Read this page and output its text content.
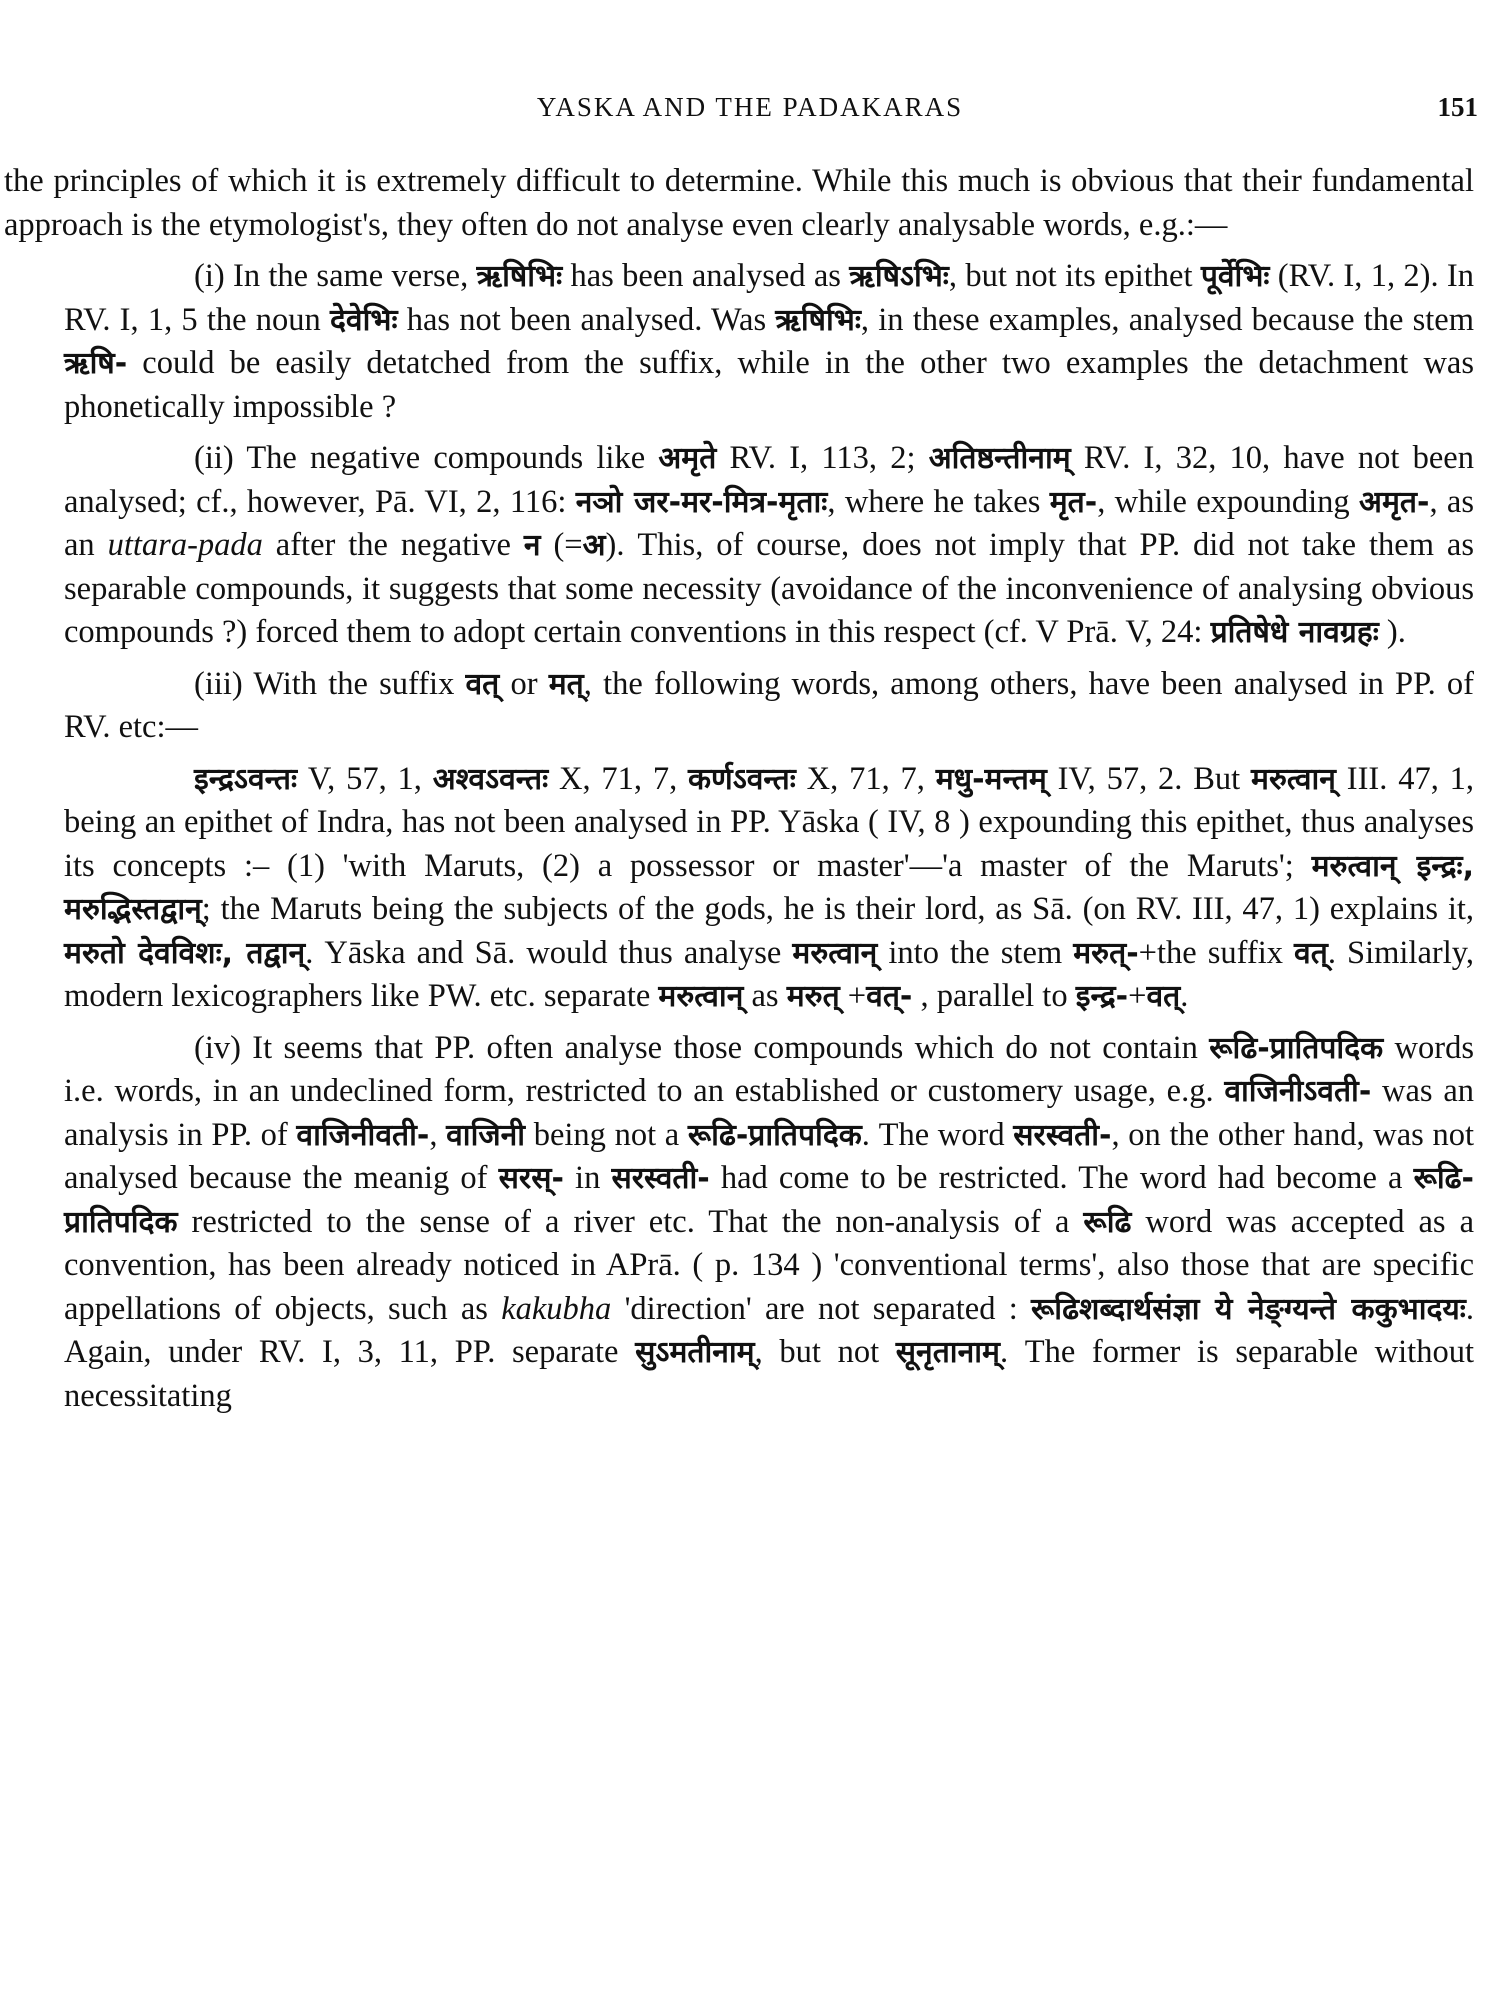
YASKA AND THE PADAKARAS	151

the principles of which it is extremely difficult to determine. While this much is obvious that their fundamental approach is the etymologist's, they often do not analyse even clearly analysable words, e.g.:—

(i) In the same verse, ऋषिभिः has been analysed as ऋषिऽभिः, but not its epithet पूर्वेभिः (RV. I, 1, 2). In RV. I, 1, 5 the noun देवेभिः has not been analysed. Was ऋषिभिः, in these examples, analysed because the stem ऋषि- could be easily detatched from the suffix, while in the other two examples the detachment was phonetically impossible ?

(ii) The negative compounds like अमृते RV. I, 113, 2; अतिष्ठन्तीनाम् RV. I, 32, 10, have not been analysed; cf., however, Pā. VI, 2, 116: नञो जर-मर-मित्र-मृताः, where he takes मृत-, while expounding अमृत-, as an uttara-pada after the negative न (=अ). This, of course, does not imply that PP. did not take them as separable compounds, it suggests that some necessity (avoidance of the inconvenience of analysing obvious compounds ?) forced them to adopt certain conventions in this respect (cf. V Prā. V, 24: प्रतिषेधे नावग्रहः ).

(iii) With the suffix वत् or मत्, the following words, among others, have been analysed in PP. of RV. etc:—

इन्द्रऽवन्तः V, 57, 1, अश्वऽवन्तः X, 71, 7, कर्णऽवन्तः X, 71, 7, मधु-मन्तम् IV, 57, 2. But मरुत्वान् III. 47, 1, being an epithet of Indra, has not been analysed in PP. Yāska ( IV, 8 ) expounding this epithet, thus analyses its concepts :– (1) 'with Maruts, (2) a possessor or master'—'a master of the Maruts'; मरुत्वान् इन्द्रः, मरुद्भिस्तद्वान्; the Maruts being the subjects of the gods, he is their lord, as Sā. (on RV. III, 47, 1) explains it, मरुतो देवविशः, तद्वान्. Yāska and Sā. would thus analyse मरुत्वान् into the stem मरुत्-+the suffix वत्. Similarly, modern lexicographers like PW. etc. separate मरुत्वान् as मरुत् +वत्- , parallel to इन्द्र-+वत्.

(iv) It seems that PP. often analyse those compounds which do not contain रूढि-प्रातिपदिक words i.e. words, in an undeclined form, restricted to an established or customery usage, e.g. वाजिनीऽवती- was an analysis in PP. of वाजिनीवती-, वाजिनी being not a रूढि-प्रातिपदिक. The word सरस्वती-, on the other hand, was not analysed because the meanig of सरस्- in सरस्वती- had come to be restricted. The word had become a रूढि-प्रातिपदिक restricted to the sense of a river etc. That the non-analysis of a रूढि word was accepted as a convention, has been already noticed in APrā. ( p. 134 ) 'conventional terms', also those that are specific appellations of objects, such as kakubha 'direction' are not separated : रूढिशब्दार्थसंज्ञा ये नेङ्ग्यन्ते ककुभादयः. Again, under RV. I, 3, 11, PP. separate सुऽमतीनाम्, but not सूनृतानाम्. The former is separable without necessitating
